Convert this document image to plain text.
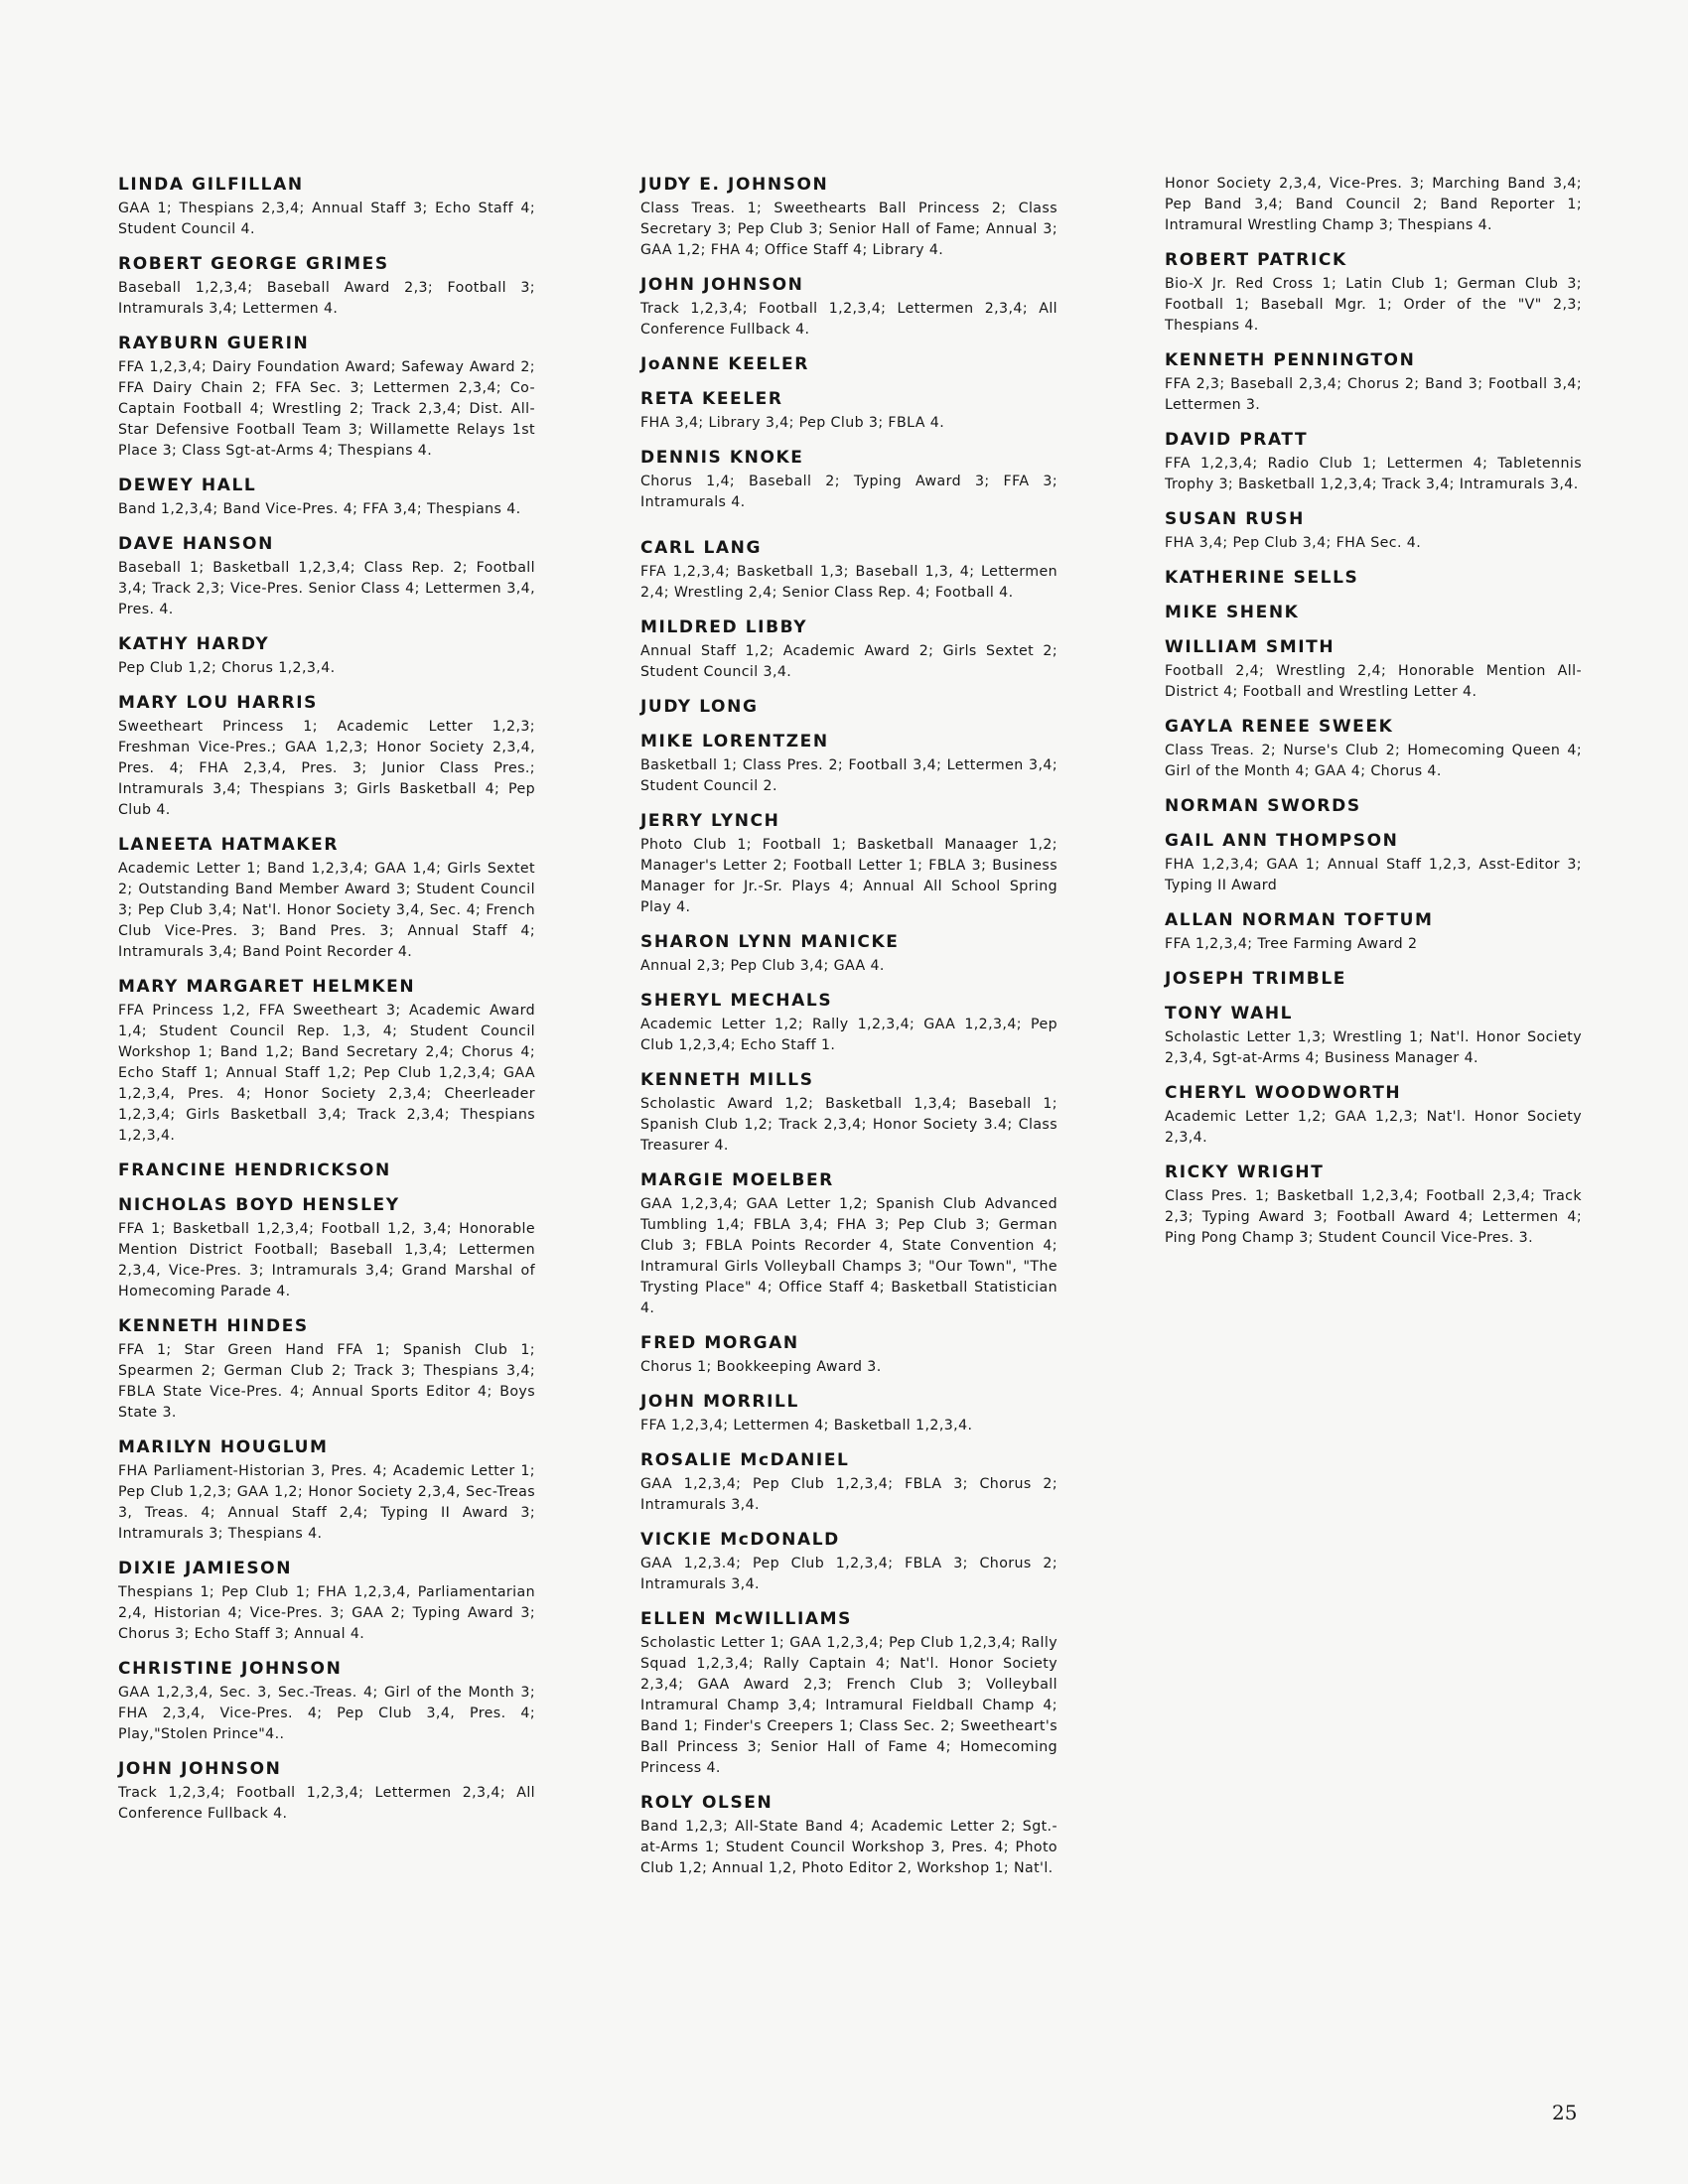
LINDA GILFILLAN
GAA 1; Thespians 2,3,4; Annual Staff 3; Echo Staff 4; Student Council 4.
ROBERT GEORGE GRIMES
Baseball 1,2,3,4; Baseball Award 2,3; Football 3; Intramurals 3,4; Lettermen 4.
RAYBURN GUERIN
FFA 1,2,3,4; Dairy Foundation Award; Safeway Award 2; FFA Dairy Chain 2; FFA Sec. 3; Lettermen 2,3,4; Co-Captain Football 4; Wrestling 2; Track 2,3,4; Dist. All-Star Defensive Football Team 3; Willamette Relays 1st Place 3; Class Sgt-at-Arms 4; Thespians 4.
DEWEY HALL
Band 1,2,3,4; Band Vice-Pres. 4; FFA 3,4; Thespians 4.
DAVE HANSON
Baseball 1; Basketball 1,2,3,4; Class Rep. 2; Football 3,4; Track 2,3; Vice-Pres. Senior Class 4; Lettermen 3,4, Pres. 4.
KATHY HARDY
Pep Club 1,2; Chorus 1,2,3,4.
MARY LOU HARRIS
Sweetheart Princess 1; Academic Letter 1,2,3; Freshman Vice-Pres.; GAA 1,2,3; Honor Society 2,3,4, Pres. 4; FHA 2,3,4, Pres. 3; Junior Class Pres.; Intramurals 3,4; Thespians 3; Girls Basketball 4; Pep Club 4.
LANEETA HATMAKER
Academic Letter 1; Band 1,2,3,4; GAA 1,4; Girls Sextet 2; Outstanding Band Member Award 3; Student Council 3; Pep Club 3,4; Nat'l. Honor Society 3,4, Sec. 4; French Club Vice-Pres. 3; Band Pres. 3; Annual Staff 4; Intramurals 3,4; Band Point Recorder 4.
MARY MARGARET HELMKEN
FFA Princess 1,2, FFA Sweetheart 3; Academic Award 1,4; Student Council Rep. 1,3, 4; Student Council Workshop 1; Band 1,2; Band Secretary 2,4; Chorus 4; Echo Staff 1; Annual Staff 1,2; Pep Club 1,2,3,4; GAA 1,2,3,4, Pres. 4; Honor Society 2,3,4; Cheerleader 1,2,3,4; Girls Basketball 3,4; Track 2,3,4; Thespians 1,2,3,4.
FRANCINE HENDRICKSON
NICHOLAS BOYD HENSLEY
FFA 1; Basketball 1,2,3,4; Football 1,2, 3,4; Honorable Mention District Football; Baseball 1,3,4; Lettermen 2,3,4, Vice-Pres. 3; Intramurals 3,4; Grand Marshal of Homecoming Parade 4.
KENNETH HINDES
FFA 1; Star Green Hand FFA 1; Spanish Club 1; Spearmen 2; German Club 2; Track 3; Thespians 3,4; FBLA State Vice-Pres. 4; Annual Sports Editor 4; Boys State 3.
MARILYN HOUGLUM
FHA Parliament-Historian 3, Pres. 4; Academic Letter 1; Pep Club 1,2,3; GAA 1,2; Honor Society 2,3,4, Sec-Treas 3, Treas. 4; Annual Staff 2,4; Typing II Award 3; Intramurals 3; Thespians 4.
DIXIE JAMIESON
Thespians 1; Pep Club 1; FHA 1,2,3,4, Parliamentarian 2,4, Historian 4; Vice-Pres. 3; GAA 2; Typing Award 3; Chorus 3; Echo Staff 3; Annual 4.
CHRISTINE JOHNSON
GAA 1,2,3,4, Sec. 3, Sec.-Treas. 4; Girl of the Month 3; FHA 2,3,4, Vice-Pres. 4; Pep Club 3,4, Pres. 4; Play,"Stolen Prince"4..
JOHN JOHNSON
Track 1,2,3,4; Football 1,2,3,4; Lettermen 2,3,4; All Conference Fullback 4.
JUDY E. JOHNSON
Class Treas. 1; Sweethearts Ball Princess 2; Class Secretary 3; Pep Club 3; Senior Hall of Fame; Annual 3; GAA 1,2; FHA 4; Office Staff 4; Library 4.
JOHN JOHNSON
Track 1,2,3,4; Football 1,2,3,4; Lettermen 2,3,4; All Conference Fullback 4.
JoANNE KEELER
RETA KEELER
FHA 3,4; Library 3,4; Pep Club 3; FBLA 4.
DENNIS KNOKE
Chorus 1,4; Baseball 2; Typing Award 3; FFA 3; Intramurals 4.
CARL LANG
FFA 1,2,3,4; Basketball 1,3; Baseball 1,3, 4; Lettermen 2,4; Wrestling 2,4; Senior Class Rep. 4; Football 4.
MILDRED LIBBY
Annual Staff 1,2; Academic Award 2; Girls Sextet 2; Student Council 3,4.
JUDY LONG
MIKE LORENTZEN
Basketball 1; Class Pres. 2; Football 3,4; Lettermen 3,4; Student Council 2.
JERRY LYNCH
Photo Club 1; Football 1; Basketball Manaager 1,2; Manager's Letter 2; Football Letter 1; FBLA 3; Business Manager for Jr.-Sr. Plays 4; Annual All School Spring Play 4.
SHARON LYNN MANICKE
Annual 2,3; Pep Club 3,4; GAA 4.
SHERYL MECHALS
Academic Letter 1,2; Rally 1,2,3,4; GAA 1,2,3,4; Pep Club 1,2,3,4; Echo Staff 1.
KENNETH MILLS
Scholastic Award 1,2; Basketball 1,3,4; Baseball 1; Spanish Club 1,2; Track 2,3,4; Honor Society 3.4; Class Treasurer 4.
MARGIE MOELBER
GAA 1,2,3,4; GAA Letter 1,2; Spanish Club Advanced Tumbling 1,4; FBLA 3,4; FHA 3; Pep Club 3; German Club 3; FBLA Points Recorder 4, State Convention 4; Intramural Girls Volleyball Champs 3; "Our Town", "The Trysting Place" 4; Office Staff 4; Basketball Statistician 4.
FRED MORGAN
Chorus 1; Bookkeeping Award 3.
JOHN MORRILL
FFA 1,2,3,4; Lettermen 4; Basketball 1,2,3,4.
ROSALIE McDANIEL
GAA 1,2,3,4; Pep Club 1,2,3,4; FBLA 3; Chorus 2; Intramurals 3,4.
VICKIE McDONALD
GAA 1,2,3.4; Pep Club 1,2,3,4; FBLA 3; Chorus 2; Intramurals 3,4.
ELLEN McWILLIAMS
Scholastic Letter 1; GAA 1,2,3,4; Pep Club 1,2,3,4; Rally Squad 1,2,3,4; Rally Captain 4; Nat'l. Honor Society 2,3,4; GAA Award 2,3; French Club 3; Volleyball Intramural Champ 3,4; Intramural Fieldball Champ 4; Band 1; Finder's Creepers 1; Class Sec. 2; Sweetheart's Ball Princess 3; Senior Hall of Fame 4; Homecoming Princess 4.
ROLY OLSEN
Band 1,2,3; All-State Band 4; Academic Letter 2; Sgt.-at-Arms 1; Student Council Workshop 3, Pres. 4; Photo Club 1,2; Annual 1,2, Photo Editor 2, Workshop 1; Nat'l.
Honor Society 2,3,4, Vice-Pres. 3; Marching Band 3,4; Pep Band 3,4; Band Council 2; Band Reporter 1; Intramural Wrestling Champ 3; Thespians 4.
ROBERT PATRICK
Bio-X Jr. Red Cross 1; Latin Club 1; German Club 3; Football 1; Baseball Mgr. 1; Order of the "V" 2,3; Thespians 4.
KENNETH PENNINGTON
FFA 2,3; Baseball 2,3,4; Chorus 2; Band 3; Football 3,4; Lettermen 3.
DAVID PRATT
FFA 1,2,3,4; Radio Club 1; Lettermen 4; Tabletennis Trophy 3; Basketball 1,2,3,4; Track 3,4; Intramurals 3,4.
SUSAN RUSH
FHA 3,4; Pep Club 3,4; FHA Sec. 4.
KATHERINE SELLS
MIKE SHENK
WILLIAM SMITH
Football 2,4; Wrestling 2,4; Honorable Mention All-District 4; Football and Wrestling Letter 4.
GAYLA RENEE SWEEK
Class Treas. 2; Nurse's Club 2; Homecoming Queen 4; Girl of the Month 4; GAA 4; Chorus 4.
NORMAN SWORDS
GAIL ANN THOMPSON
FHA 1,2,3,4; GAA 1; Annual Staff 1,2,3, Asst-Editor 3; Typing II Award
ALLAN NORMAN TOFTUM
FFA 1,2,3,4; Tree Farming Award 2
JOSEPH TRIMBLE
TONY WAHL
Scholastic Letter 1,3; Wrestling 1; Nat'l. Honor Society 2,3,4, Sgt-at-Arms 4; Business Manager 4.
CHERYL WOODWORTH
Academic Letter 1,2; GAA 1,2,3; Nat'l. Honor Society 2,3,4.
RICKY WRIGHT
Class Pres. 1; Basketball 1,2,3,4; Football 2,3,4; Track 2,3; Typing Award 3; Football Award 4; Lettermen 4; Ping Pong Champ 3; Student Council Vice-Pres. 3.
25
